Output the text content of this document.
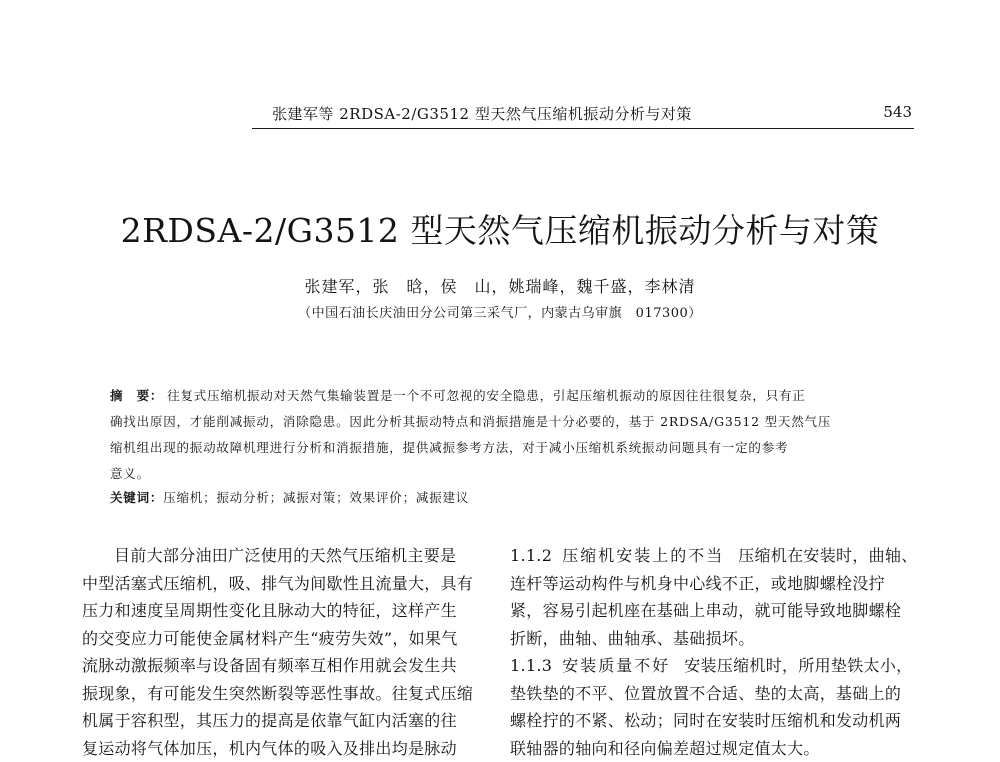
张建军等 2RDSA-2/G3512 型天然气压缩机振动分析与对策	543
2RDSA-2/G3512 型天然气压缩机振动分析与对策
张建军，张　晗，侯　山，姚瑞峰，魏千盛，李林清
（中国石油长庆油田分公司第三采气厂，内蒙古乌审旗　017300）
摘　要： 往复式压缩机振动对天然气集输装置是一个不可忽视的安全隐患，引起压缩机振动的原因往往很复杂，只有正
确找出原因，才能削减振动，消除隐患。因此分析其振动特点和消振措施是十分必要的，基于 2RDSA/G3512 型天然气压
缩机组出现的振动故障机理进行分析和消振措施，提供减振参考方法，对于减小压缩机系统振动问题具有一定的参考
意义。
关键词：压缩机；振动分析；减振对策；效果评价；减振建议
目前大部分油田广泛使用的天然气压缩机主要是
中型活塞式压缩机，吸、排气为间歇性且流量大，具有
压力和速度呈周期性变化且脉动大的特征，这样产生
的交变应力可能使金属材料产生“疲劳失效”，如果气
流脉动激振频率与设备固有频率互相作用就会发生共
振现象，有可能发生突然断裂等恶性事故。往复式压缩
机属于容积型，其压力的提高是依靠气缸内活塞的往
复运动将气体加压，机内气体的吸入及排出均是脉动
1.1.2 压缩机安装上的不当 压缩机在安装时，曲轴、
连杆等运动构件与机身中心线不正，或地脚螺栓没拧
紧，容易引起机座在基础上串动，就可能导致地脚螺栓
折断，曲轴、曲轴承、基础损坏。
1.1.3 安装质量不好 安装压缩机时，所用垫铁太小，
垫铁垫的不平、位置放置不合适、垫的太高，基础上的
螺栓拧的不紧、松动；同时在安装时压缩机和发动机两
联轴器的轴向和径向偏差超过规定值太大。
